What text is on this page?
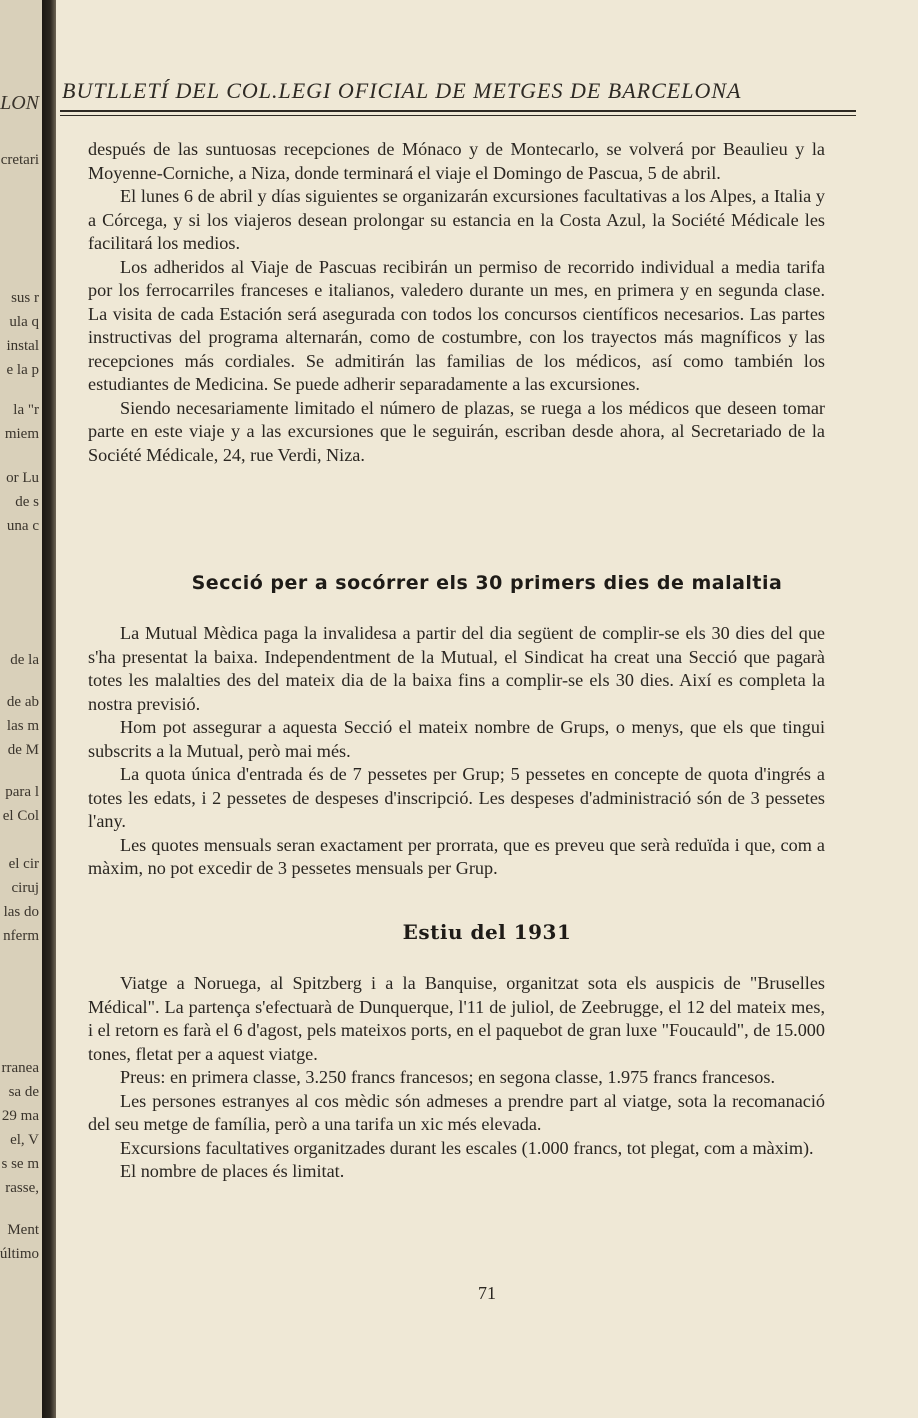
LON
cretari
sus r
ula q
instal
e la p
la "r
miem
or Lu
de s
una c
de la
de ab
las m
de M
para l
el Col
el cir
ciruj
las do
nferm
rranea
sa de
29 ma
el, V
s se m
rasse,
Ment
último
BUTLLETÍ DEL COL.LEGI OFICIAL DE METGES DE BARCELONA

después de las suntuosas recepciones de Mónaco y de Montecarlo, se volverá por Beaulieu y la Moyenne-Corniche, a Niza, donde terminará el viaje el Domingo de Pascua, 5 de abril.

El lunes 6 de abril y días siguientes se organizarán excursiones facultativas a los Alpes, a Italia y a Córcega, y si los viajeros desean prolongar su estancia en la Costa Azul, la Société Médicale les facilitará los medios.

Los adheridos al Viaje de Pascuas recibirán un permiso de recorrido individual a media tarifa por los ferrocarriles franceses e italianos, valedero durante un mes, en primera y en segunda clase. La visita de cada Estación será asegurada con todos los concursos científicos necesarios. Las partes instructivas del programa alternarán, como de costumbre, con los trayectos más magníficos y las recepciones más cordiales. Se admitirán las familias de los médicos, así como también los estudiantes de Medicina. Se puede adherir separadamente a las excursiones.

Siendo necesariamente limitado el número de plazas, se ruega a los médicos que deseen tomar parte en este viaje y a las excursiones que le seguirán, escriban desde ahora, al Secretariado de la Société Médicale, 24, rue Verdi, Niza.

Secció per a socórrer els 30 primers dies de malaltia

La Mutual Mèdica paga la invalidesa a partir del dia següent de complir-se els 30 dies del que s'ha presentat la baixa. Independentment de la Mutual, el Sindicat ha creat una Secció que pagarà totes les malalties des del mateix dia de la baixa fins a complir-se els 30 dies. Així es completa la nostra previsió.

Hom pot assegurar a aquesta Secció el mateix nombre de Grups, o menys, que els que tingui subscrits a la Mutual, però mai més.

La quota única d'entrada és de 7 pessetes per Grup; 5 pessetes en concepte de quota d'ingrés a totes les edats, i 2 pessetes de despeses d'inscripció. Les despeses d'administració són de 3 pessetes l'any.

Les quotes mensuals seran exactament per prorrata, que es preveu que serà reduïda i que, com a màxim, no pot excedir de 3 pessetes mensuals per Grup.

Estiu del 1931

Viatge a Noruega, al Spitzberg i a la Banquise, organitzat sota els auspicis de "Bruselles Médical". La partença s'efectuarà de Dunquerque, l'11 de juliol, de Zeebrugge, el 12 del mateix mes, i el retorn es farà el 6 d'agost, pels mateixos ports, en el paquebot de gran luxe "Foucauld", de 15.000 tones, fletat per a aquest viatge.

Preus: en primera classe, 3.250 francs francesos; en segona classe, 1.975 francs francesos.

Les persones estranyes al cos mèdic són admeses a prendre part al viatge, sota la recomanació del seu metge de família, però a una tarifa un xic més elevada.

Excursions facultatives organitzades durant les escales (1.000 francs, tot plegat, com a màxim).

El nombre de places és limitat.

71
